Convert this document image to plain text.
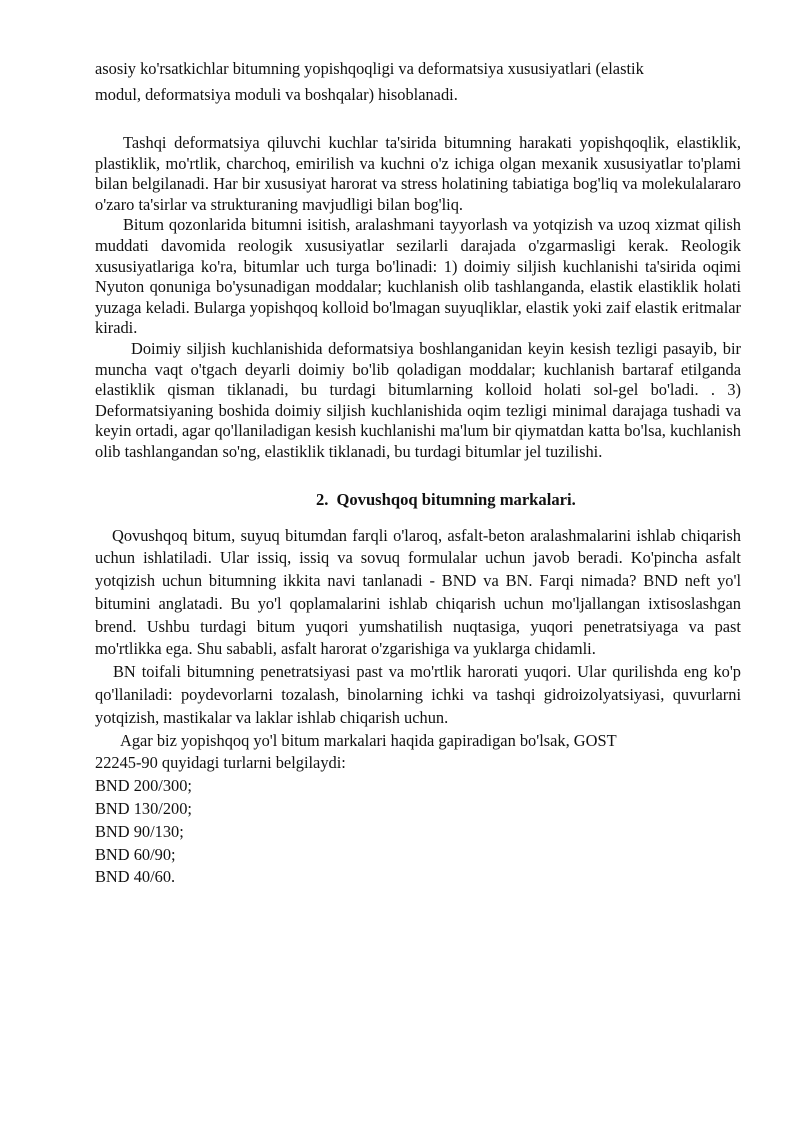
asosiy ko'rsatkichlar bitumning yopishqoqligi va deformatsiya xususiyatlari (elastik

modul, deformatsiya moduli va boshqalar) hisoblanadi.

Tashqi deformatsiya qiluvchi kuchlar ta'sirida bitumning harakati yopishqoqlik, elastiklik, plastiklik, mo'rtlik, charchoq, emirilish va kuchni o'z ichiga olgan mexanik xususiyatlar to'plami bilan belgilanadi. Har bir xususiyat harorat va stress holatining tabiatiga bog'liq va molekulalararo o'zaro ta'sirlar va strukturaning mavjudligi bilan bog'liq.

Bitum qozonlarida bitumni isitish, aralashmani tayyorlash va yotqizish va uzoq xizmat qilish muddati davomida reologik xususiyatlar sezilarli darajada o'zgarmasligi kerak. Reologik xususiyatlariga ko'ra, bitumlar uch turga bo'linadi: 1) doimiy siljish kuchlanishi ta'sirida oqimi Nyuton qonuniga bo'ysunadigan moddalar; kuchlanish olib tashlanganda, elastik elastiklik holati yuzaga keladi. Bularga yopishqoq kolloid bo'lmagan suyuqliklar, elastik yoki zaif elastik eritmalar kiradi.

Doimiy siljish kuchlanishida deformatsiya boshlanganidan keyin kesish tezligi pasayib, bir muncha vaqt o'tgach deyarli doimiy bo'lib qoladigan moddalar; kuchlanish bartaraf etilganda elastiklik qisman tiklanadi, bu turdagi bitumlarning kolloid holati sol-gel bo'ladi. . 3) Deformatsiyaning boshida doimiy siljish kuchlanishida oqim tezligi minimal darajaga tushadi va keyin ortadi, agar qo'llaniladigan kesish kuchlanishi ma'lum bir qiymatdan katta bo'lsa, kuchlanish olib tashlangandan so'ng, elastiklik tiklanadi, bu turdagi bitumlar jel tuzilishi.

2. Qovushqoq bitumning markalari.

Qovushqoq bitum, suyuq bitumdan farqli o'laroq, asfalt-beton aralashmalarini ishlab chiqarish uchun ishlatiladi. Ular issiq, issiq va sovuq formulalar uchun javob beradi. Ko'pincha asfalt yotqizish uchun bitumning ikkita navi tanlanadi - BND va BN. Farqi nimada? BND neft yo'l bitumini anglatadi. Bu yo'l qoplamalarini ishlab chiqarish uchun mo'ljallangan ixtisoslashgan brend. Ushbu turdagi bitum yuqori yumshatilish nuqtasiga, yuqori penetratsiyaga va past mo'rtlikka ega. Shu sababli, asfalt harorat o'zgarishiga va yuklarga chidamli.

BN toifali bitumning penetratsiyasi past va mo'rtlik harorati yuqori. Ular qurilishda eng ko'p qo'llaniladi: poydevorlarni tozalash, binolarning ichki va tashqi gidroizolyatsiyasi, quvurlarni yotqizish, mastikalar va laklar ishlab chiqarish uchun.

Agar biz yopishqoq yo'l bitum markalari haqida gapiradigan bo'lsak, GOST

22245-90 quyidagi turlarni belgilaydi:

BND 200/300;
BND 130/200;
BND 90/130;
BND 60/90;
BND 40/60.
